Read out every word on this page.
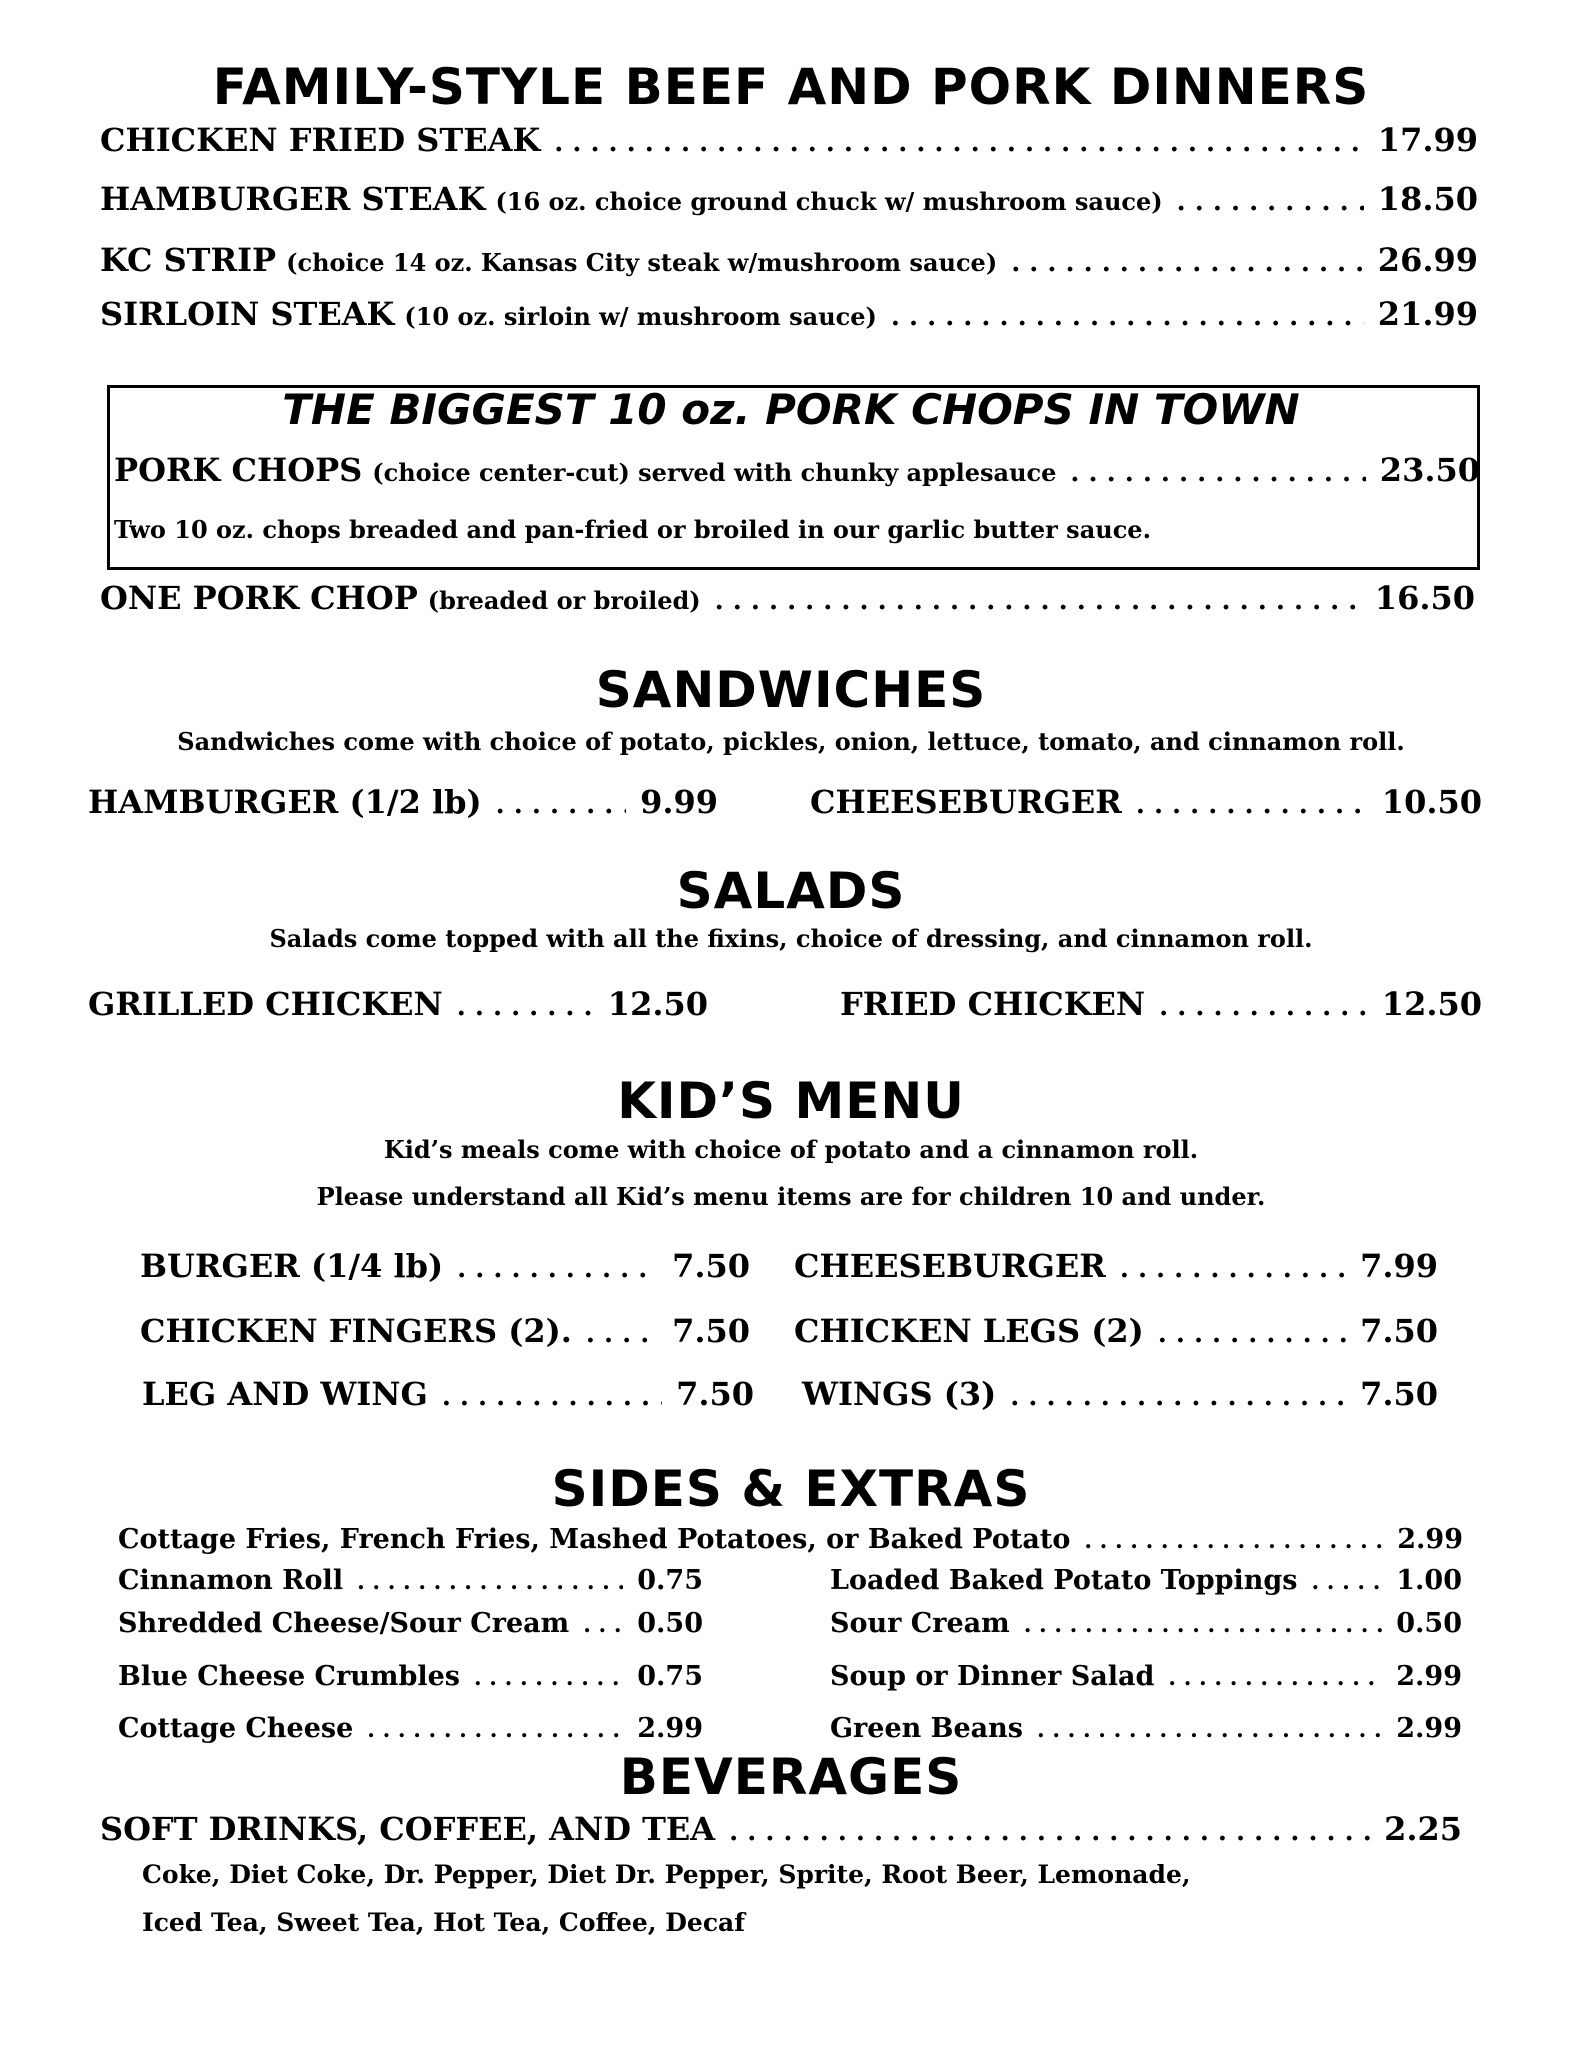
FAMILY-STYLE BEEF AND PORK DINNERS
CHICKEN FRIED STEAK . . .	17.99
HAMBURGER STEAK (16 oz. choice ground chuck w/ mushroom sauce) . . .	18.50
KC STRIP (choice 14 oz. Kansas City steak w/mushroom sauce) . . .	26.99
SIRLOIN STEAK (10 oz. sirloin w/ mushroom sauce) . . .	21.99
THE BIGGEST 10 oz. PORK CHOPS IN TOWN
PORK CHOPS (choice center-cut) served with chunky applesauce . . .	23.50
Two 10 oz. chops breaded and pan-fried or broiled in our garlic butter sauce.
ONE PORK CHOP (breaded or broiled) . . .	16.50
SANDWICHES
Sandwiches come with choice of potato, pickles, onion, lettuce, tomato, and cinnamon roll.
HAMBURGER (1/2 lb) . . .	9.99	CHEESEBURGER . . .	10.50
SALADS
Salads come topped with all the fixins, choice of dressing, and cinnamon roll.
GRILLED CHICKEN . . .	12.50	FRIED CHICKEN . . .	12.50
KID’S MENU
Kid’s meals come with choice of potato and a cinnamon roll.
Please understand all Kid’s menu items are for children 10 and under.
BURGER (1/4 lb) . . .	7.50 CHEESEBURGER . . .	7.99
CHICKEN FINGERS (2). . . .	7.50 CHICKEN LEGS (2) . . .	7.50
LEG AND WING . . .	7.50 WINGS (3) . . .	7.50
SIDES & EXTRAS
Cottage Fries, French Fries, Mashed Potatoes, or Baked Potato . . .	2.99
Cinnamon Roll . . .	0.75	Loaded Baked Potato Toppings . . .	1.00
Shredded Cheese/Sour Cream . . .	0.50	Sour Cream . . .	0.50
Blue Cheese Crumbles . . .	0.75	Soup or Dinner Salad . . .	2.99
Cottage Cheese . . .	2.99	Green Beans . . .	2.99
BEVERAGES
SOFT DRINKS, COFFEE, AND TEA . . .	2.25
Coke, Diet Coke, Dr. Pepper, Diet Dr. Pepper, Sprite, Root Beer, Lemonade,
Iced Tea, Sweet Tea, Hot Tea, Coffee, Decaf
